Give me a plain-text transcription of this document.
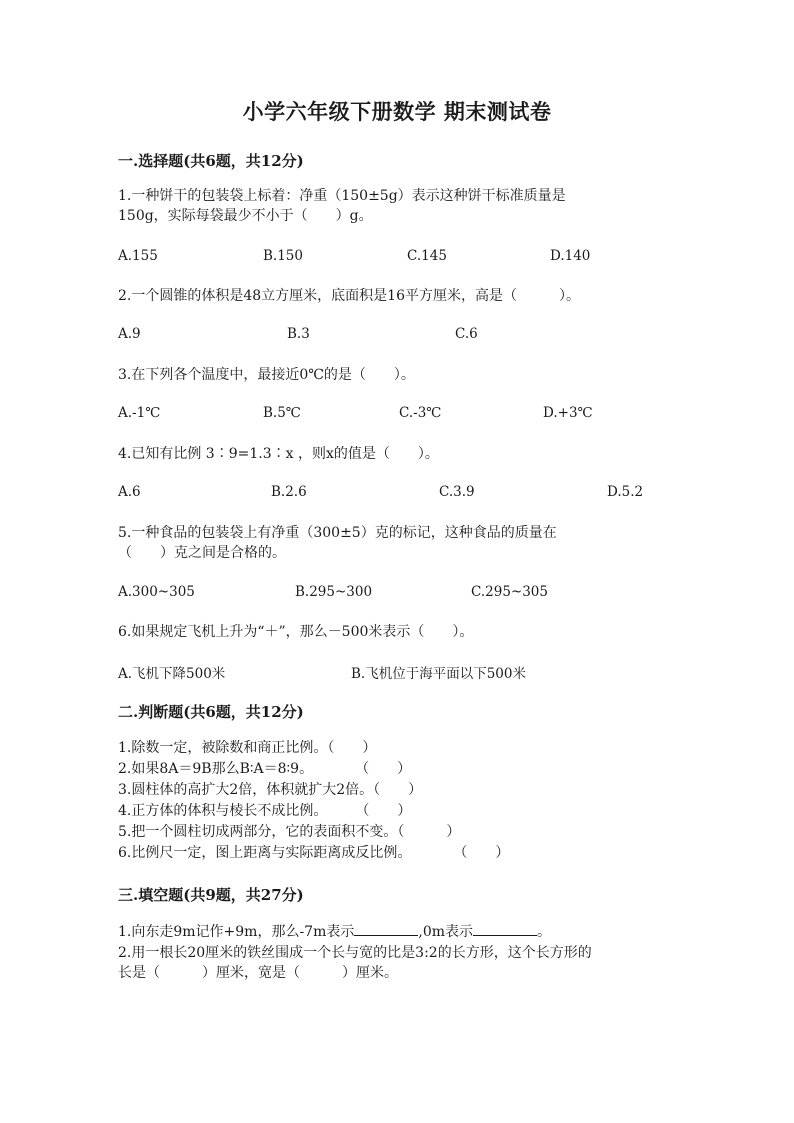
小学六年级下册数学 期末测试卷
一.选择题(共6题，共12分)
1.一种饼干的包装袋上标着：净重（150±5g）表示这种饼干标准质量是
150g，实际每袋最少不小于（　　）g。
A.155	B.150	C.145	D.140
2.一个圆锥的体积是48立方厘米，底面积是16平方厘米，高是（　　　）。
A.9	B.3	C.6
3.在下列各个温度中，最接近0℃的是（　　）。
A.-1℃	B.5℃	C.-3℃	D.+3℃
4.已知有比例 3∶9=1.3∶x ，则x的值是（　　）。
A.6	B.2.6	C.3.9	D.5.2
5.一种食品的包装袋上有净重（300±5）克的标记，这种食品的质量在
（　　）克之间是合格的。
A.300~305	B.295~300	C.295~305
6.如果规定飞机上升为“＋”，那么－500米表示（　　）。
A.飞机下降500米	B.飞机位于海平面以下500米
二.判断题(共6题，共12分)
1.除数一定，被除数和商正比例。（　　）
2.如果8A＝9B那么B∶A＝8∶9。　　　　（　　）
3.圆柱体的高扩大2倍，体积就扩大2倍。（　　）
4.正方体的体积与棱长不成比例。　　　（　　）
5.把一个圆柱切成两部分，它的表面积不变。（　　　）
6.比例尺一定，图上距离与实际距离成反比例。　　　　（　　）
三.填空题(共9题，共27分)
1.向东走9m记作+9m，那么-7m表示	,0m表示	。
2.用一根长20厘米的铁丝围成一个长与宽的比是3:2的长方形，这个长方形的
长是（　　　）厘米，宽是（　　　）厘米。
